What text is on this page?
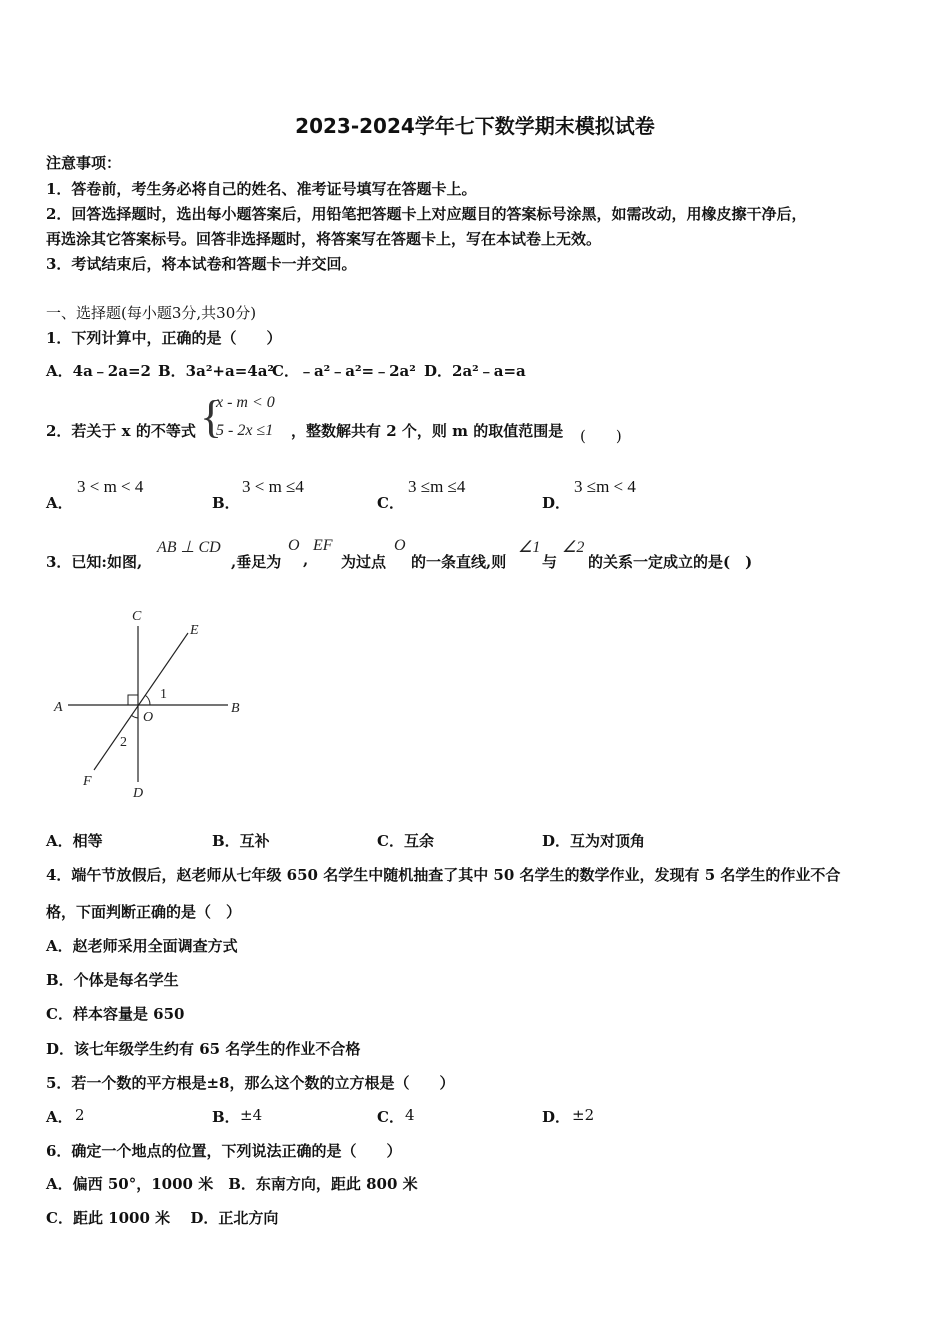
2023-2024学年七下数学期末模拟试卷
注意事项：
1．答卷前，考生务必将自己的姓名、准考证号填写在答题卡上。
2．回答选择题时，选出每小题答案后，用铅笔把答题卡上对应题目的答案标号涂黑，如需改动，用橡皮擦干净后，
再选涂其它答案标号。回答非选择题时，将答案写在答题卡上，写在本试卷上无效。
3．考试结束后，将本试卷和答题卡一并交回。
一、选择题(每小题3分,共30分)
1．下列计算中，正确的是（　　）
A．4a﹣2a=2 B．3a²+a=4a²
C．﹣a²﹣a²=﹣2a² D．2a²﹣a=a
2．若关于 x 的不等式 {
x - m < 0
5 - 2x ≤1 ，整数解共有 2 个，则 m 的取值范围是 (　　)
A．
3 < m < 4
B．
3 < m ≤4
C．
3 ≤m ≤4
D．
3 ≤m < 4
3．已知:如图,
AB ⊥ CD
,垂足为
O
,
EF
为过点
O
的一条直线,则
∠1
与
∠2
的关系一定成立的是(　)
C
E
A	B
O
1
2
F
D
A．相等	B．互补	C．互余	D．互为对顶角
4．端午节放假后，赵老师从七年级 650 名学生中随机抽查了其中 50 名学生的数学作业，发现有 5 名学生的作业不合
格，下面判断正确的是（　）
A．赵老师采用全面调查方式
B．个体是每名学生
C．样本容量是 650
D．该七年级学生约有 65 名学生的作业不合格
5．若一个数的平方根是±8，那么这个数的立方根是（　　）
A． 2	B． ±4	C． 4	D． ±2
6．确定一个地点的位置，下列说法正确的是（　　）
A．偏西 50°，1000 米　B．东南方向，距此 800 米
C．距此 1000 米　 D．正北方向
